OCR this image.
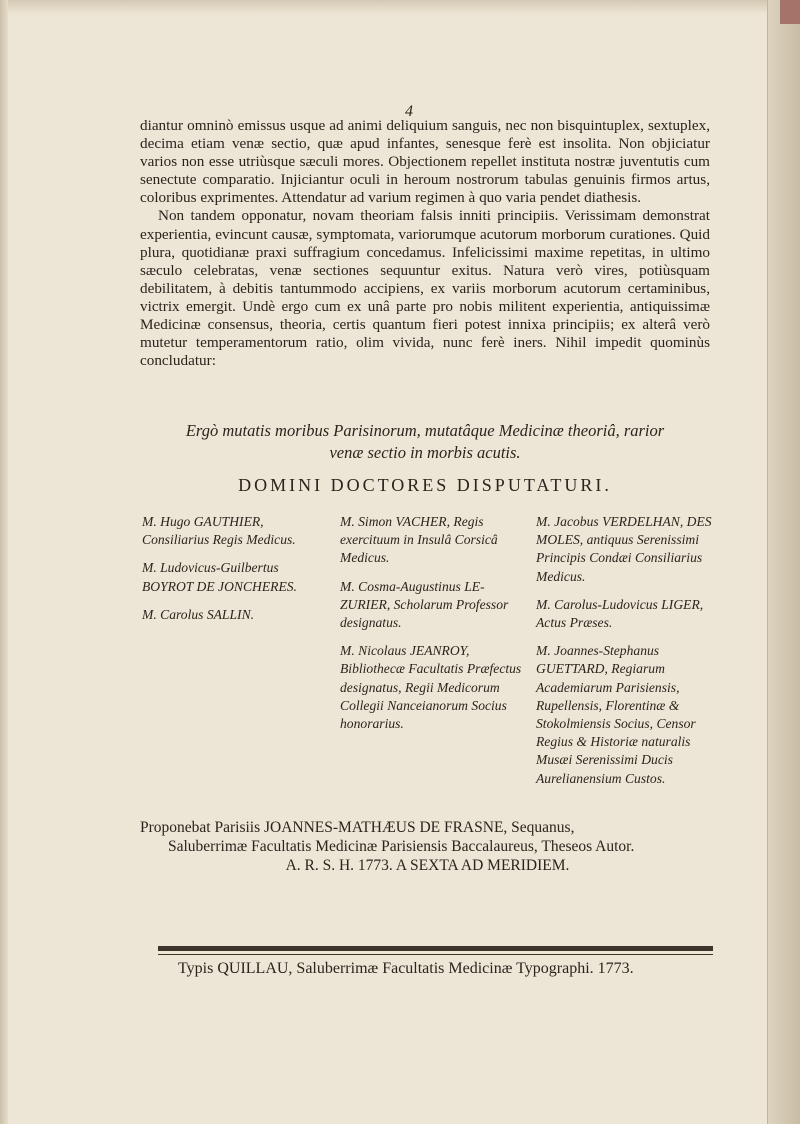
4

diantur omninò emissus usque ad animi deliquium sanguis, nec non bisquintuplex, sextuplex, decima etiam venæ sectio, quæ apud infantes, senesque ferè est insolita. Non objiciatur varios non esse utriùsque sæculi mores. Objectionem repellet instituta nostræ juventutis cum senectute comparatio. Injiciantur oculi in heroum nostrorum tabulas genuinis firmos artus, coloribus exprimentes. Attendatur ad varium regimen à quo varia pendet diathesis.

Non tandem opponatur, novam theoriam falsis inniti principiis. Verissimam demonstrat experientia, evincunt causæ, symptomata, variorumque acutorum morborum curationes. Quid plura, quotidianæ praxi suffragium concedamus. Infelicissimi maxime repetitas, in ultimo sæculo celebratas, venæ sectiones sequuntur exitus. Natura verò vires, potiùsquam debilitatem, à debitis tantummodo accipiens, ex variis morborum acutorum certaminibus, victrix emergit. Undè ergo cum ex unâ parte pro nobis militent experientia, antiquissimæ Medicinæ consensus, theoria, certis quantum fieri potest innixa principiis; ex alterâ verò mutetur temperamentorum ratio, olim vivida, nunc ferè iners. Nihil impedit quominùs concludatur:

Ergò mutatis moribus Parisinorum, mutatâque Medicinæ theoriâ, rarior
venæ sectio in morbis acutis.
DOMINI DOCTORES DISPUTATURI.
M. Hugo GAUTHIER, Consiliarius Regis Medicus.
M. Ludovicus-Guilbertus BOYROT DE JONCHERES.
M. Carolus SALLIN.
M. Simon VACHER, Regis exercituum in Insulâ Corsicâ Medicus.
M. Cosma-Augustinus LE-ZURIER, Scholarum Professor designatus.
M. Nicolaus JEANROY, Bibliothecæ Facultatis Præfectus designatus, Regii Medicorum Collegii Nanceianorum Socius honorarius.
M. Jacobus VERDELHAN, DES MOLES, antiquus Serenissimi Principis Condæi Consiliarius Medicus.
M. Carolus-Ludovicus LIGER, Actus Præses.
M. Joannes-Stephanus GUETTARD, Regiarum Academiarum Parisiensis, Rupellensis, Florentinæ & Stokolmiensis Socius, Censor Regius & Historiæ naturalis Musæi Serenissimi Ducis Aurelianensium Custos.
Proponebat Parisiis JOANNES-MATHÆUS DE FRASNE, Sequanus,
Saluberrimæ Facultatis Medicinæ Parisiensis Baccalaureus, Theseos Autor.
A. R. S. H. 1773. A SEXTA AD MERIDIEM.
Typis QUILLAU, Saluberrimæ Facultatis Medicinæ Typographi. 1773.
